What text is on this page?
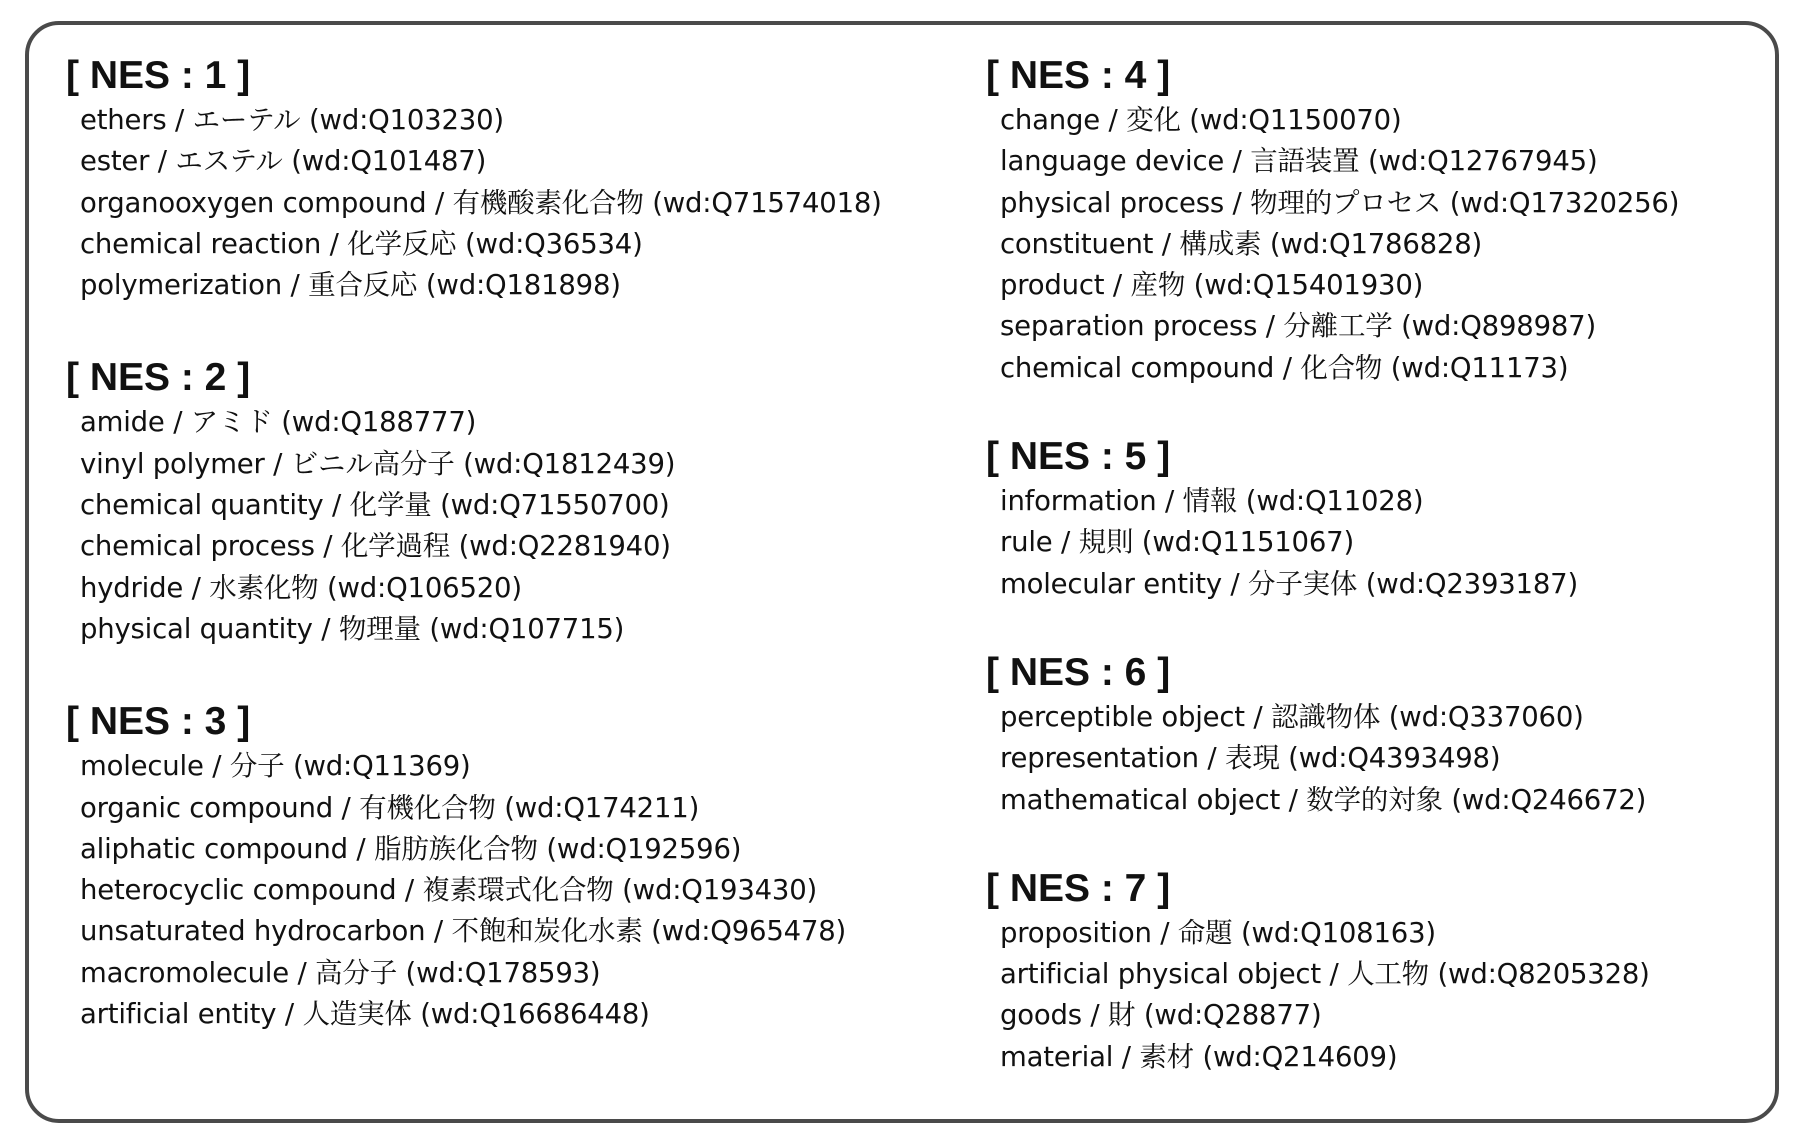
[ NES : 1 ]
ethers / エーテル (wd:Q103230)
ester / エステル (wd:Q101487)
organooxygen compound / 有機酸素化合物 (wd:Q71574018)
chemical reaction / 化学反応 (wd:Q36534)
polymerization / 重合反応 (wd:Q181898)
[ NES : 2 ]
amide / アミド (wd:Q188777)
vinyl polymer / ビニル高分子 (wd:Q1812439)
chemical quantity / 化学量 (wd:Q71550700)
chemical process / 化学過程 (wd:Q2281940)
hydride / 水素化物 (wd:Q106520)
physical quantity / 物理量 (wd:Q107715)
[ NES : 3 ]
molecule / 分子 (wd:Q11369)
organic compound / 有機化合物 (wd:Q174211)
aliphatic compound / 脂肪族化合物 (wd:Q192596)
heterocyclic compound / 複素環式化合物 (wd:Q193430)
unsaturated hydrocarbon / 不飽和炭化水素 (wd:Q965478)
macromolecule / 高分子 (wd:Q178593)
artificial entity / 人造実体 (wd:Q16686448)
[ NES : 4 ]
change / 変化 (wd:Q1150070)
language device / 言語装置 (wd:Q12767945)
physical process / 物理的プロセス (wd:Q17320256)
constituent / 構成素 (wd:Q1786828)
product / 産物 (wd:Q15401930)
separation process / 分離工学 (wd:Q898987)
chemical compound / 化合物 (wd:Q11173)
[ NES : 5 ]
information / 情報 (wd:Q11028)
rule / 規則 (wd:Q1151067)
molecular entity / 分子実体 (wd:Q2393187)
[ NES : 6 ]
perceptible object / 認識物体 (wd:Q337060)
representation / 表現 (wd:Q4393498)
mathematical object / 数学的対象 (wd:Q246672)
[ NES : 7 ]
proposition / 命題 (wd:Q108163)
artificial physical object / 人工物 (wd:Q8205328)
goods / 財 (wd:Q28877)
material / 素材 (wd:Q214609)
